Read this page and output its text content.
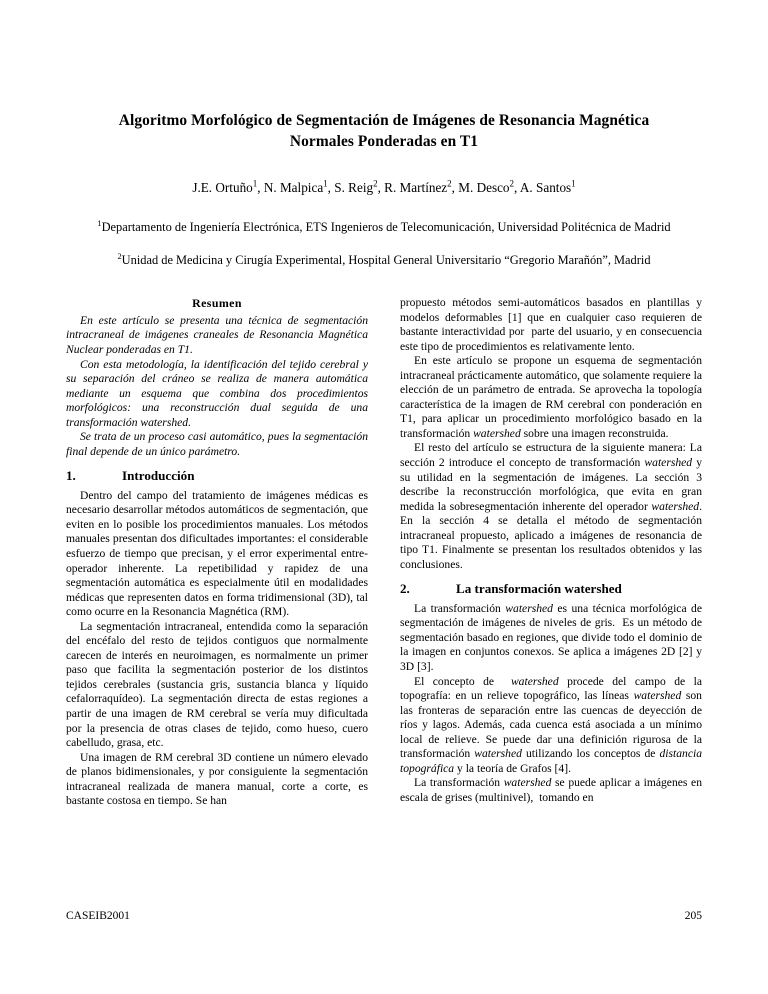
Algoritmo Morfológico de Segmentación de Imágenes de Resonancia Magnética
Normales Ponderadas en T1
J.E. Ortuño$^1$, N. Malpica$^1$, S. Reig$^2$, R. Martínez$^2$, M. Desco$^2$, A. Santos$^1$
$^1$Departamento de Ingeniería Electrónica, ETS Ingenieros de Telecomunicación, Universidad Politécnica de Madrid
$^2$Unidad de Medicina y Cirugía Experimental, Hospital General Universitario “Gregorio Marañón”, Madrid
Resumen

En este artículo se presenta una técnica de segmentación intracraneal de imágenes craneales de Resonancia Magnética Nuclear ponderadas en T1.

Con esta metodología, la identificación del tejido cerebral y su separación del cráneo se realiza de manera automática mediante un esquema que combina dos procedimientos morfológicos: una reconstrucción dual seguida de una transformación watershed.

Se trata de un proceso casi automático, pues la segmentación final depende de un único parámetro.

1.	Introducción

Dentro del campo del tratamiento de imágenes médicas es necesario desarrollar métodos automáticos de segmentación, que eviten en lo posible los procedimientos manuales. Los métodos manuales presentan dos dificultades importantes: el considerable esfuerzo de tiempo que precisan, y el error experimental entre-operador inherente. La repetibilidad y rapidez de una segmentación automática es especialmente útil en modalidades médicas que representen datos en forma tridimensional (3D), tal como ocurre en la Resonancia Magnética (RM).

La segmentación intracraneal, entendida como la separación del encéfalo del resto de tejidos contiguos que normalmente carecen de interés en neuroimagen, es normalmente un primer paso que facilita la segmentación posterior de los distintos tejidos cerebrales (sustancia gris, sustancia blanca y líquido cefalorraquídeo). La segmentación directa de estas regiones a partir de una imagen de RM cerebral se vería muy dificultada por la presencia de otras clases de tejido, como hueso, cuero cabelludo, grasa, etc.

Una imagen de RM cerebral 3D contiene un número elevado de planos bidimensionales, y por consiguiente la segmentación intracraneal realizada de manera manual, corte a corte, es bastante costosa en tiempo. Se han

propuesto métodos semi-automáticos basados en plantillas y modelos deformables [1] que en cualquier caso requieren de bastante interactividad por  parte del usuario, y en consecuencia este tipo de procedimientos es relativamente lento.

En este artículo se propone un esquema de segmentación intracraneal prácticamente automático, que solamente requiere la elección de un parámetro de entrada. Se aprovecha la topología característica de la imagen de RM cerebral con ponderación en T1, para aplicar un procedimiento morfológico basado en la transformación watershed sobre una imagen reconstruida.

El resto del artículo se estructura de la siguiente manera: La sección 2 introduce el concepto de transformación watershed y su utilidad en la segmentación de imágenes. La sección 3 describe la reconstrucción morfológica, que evita en gran medida la sobresegmentación inherente del operador watershed. En la sección 4 se detalla el método de segmentación intracraneal propuesto, aplicado a imágenes de resonancia de tipo T1. Finalmente se presentan los resultados obtenidos y las conclusiones.

2.	La transformación watershed

La transformación watershed es una técnica morfológica de segmentación de imágenes de niveles de gris.  Es un método de segmentación basado en regiones, que divide todo el dominio de la imagen en conjuntos conexos. Se aplica a imágenes 2D [2] y 3D [3].

El concepto de  watershed procede del campo de la topografía: en un relieve topográfico, las líneas watershed son las fronteras de separación entre las cuencas de deyección de ríos y lagos. Además, cada cuenca está asociada a un mínimo local de relieve. Se puede dar una definición rigurosa de la transformación watershed utilizando los conceptos de distancia topográfica y la teoría de Grafos [4].

La transformación watershed se puede aplicar a imágenes en escala de grises (multinivel),  tomando en

CASEIB2001	205
